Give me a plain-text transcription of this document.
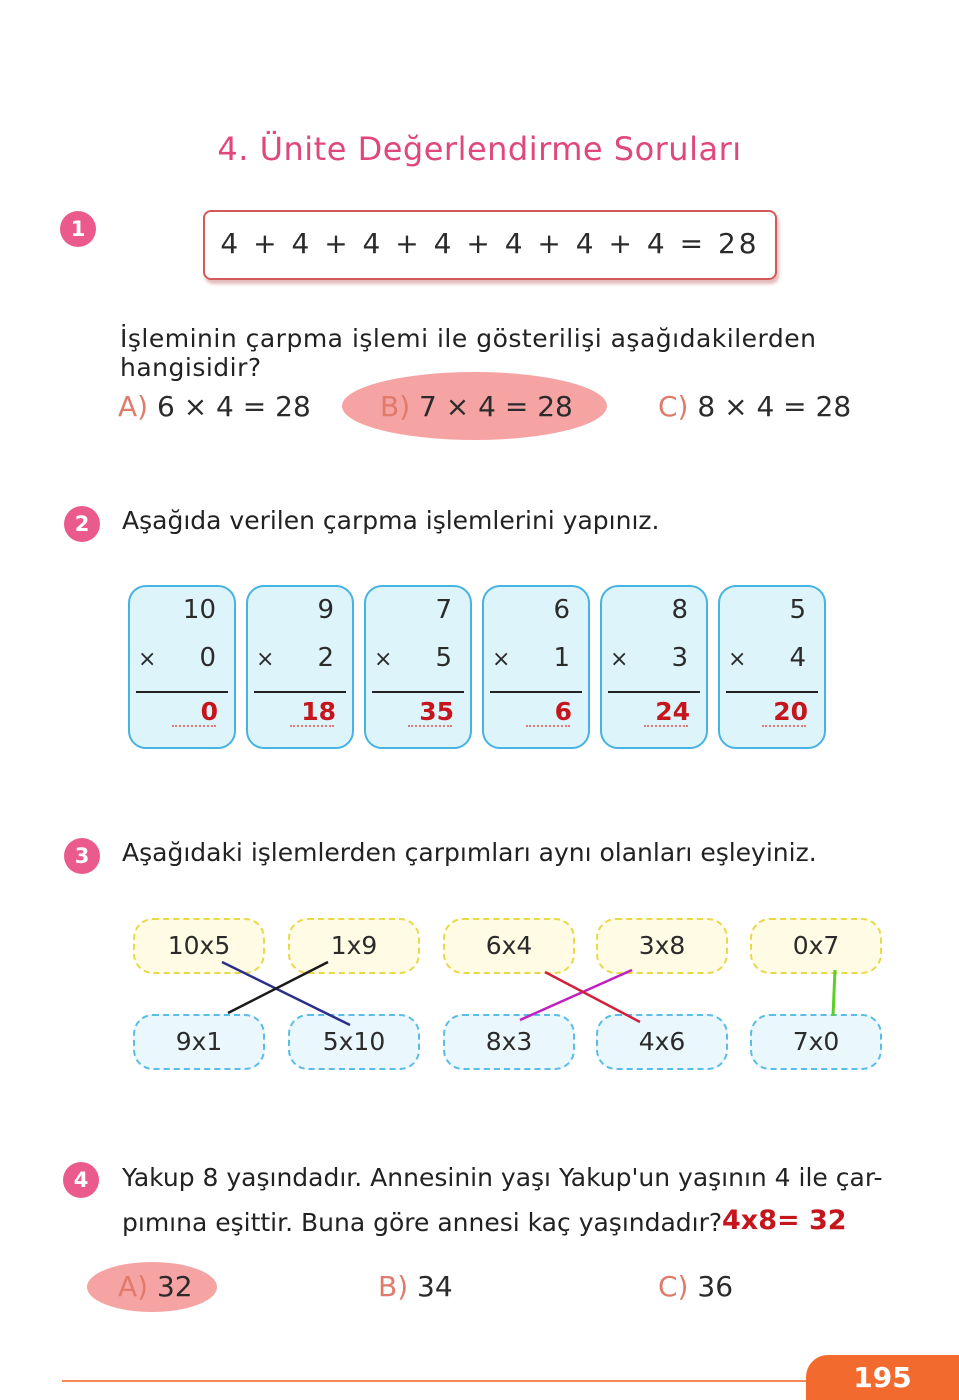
4. Ünite Değerlendirme Soruları
1	4 + 4 + 4 + 4 + 4 + 4 + 4 = 28
İşleminin çarpma işlemi ile gösterilişi aşağıdakilerden hangisidir?
A) 6 × 4 = 28 B) 7 × 4 = 28	C) 8 × 4 = 28
2	Aşağıda verilen çarpma işlemlerini yapınız.
10
× 0
0
9
× 2
18
7
× 5
35
6
× 1
6
8
× 3
24
5
× 4
20
3	Aşağıdaki işlemlerden çarpımları aynı olanları eşleyiniz.
10x5	1x9	6x4	3x8	0x7
9x1	5x10	8x3	4x6	7x0
4	Yakup 8 yaşındadır. Annesinin yaşı Yakup'un yaşının 4 ile çar-
pımına eşittir. Buna göre annesi kaç yaşındadır? 4x8= 32
A) 32	B) 34	C) 36
195
